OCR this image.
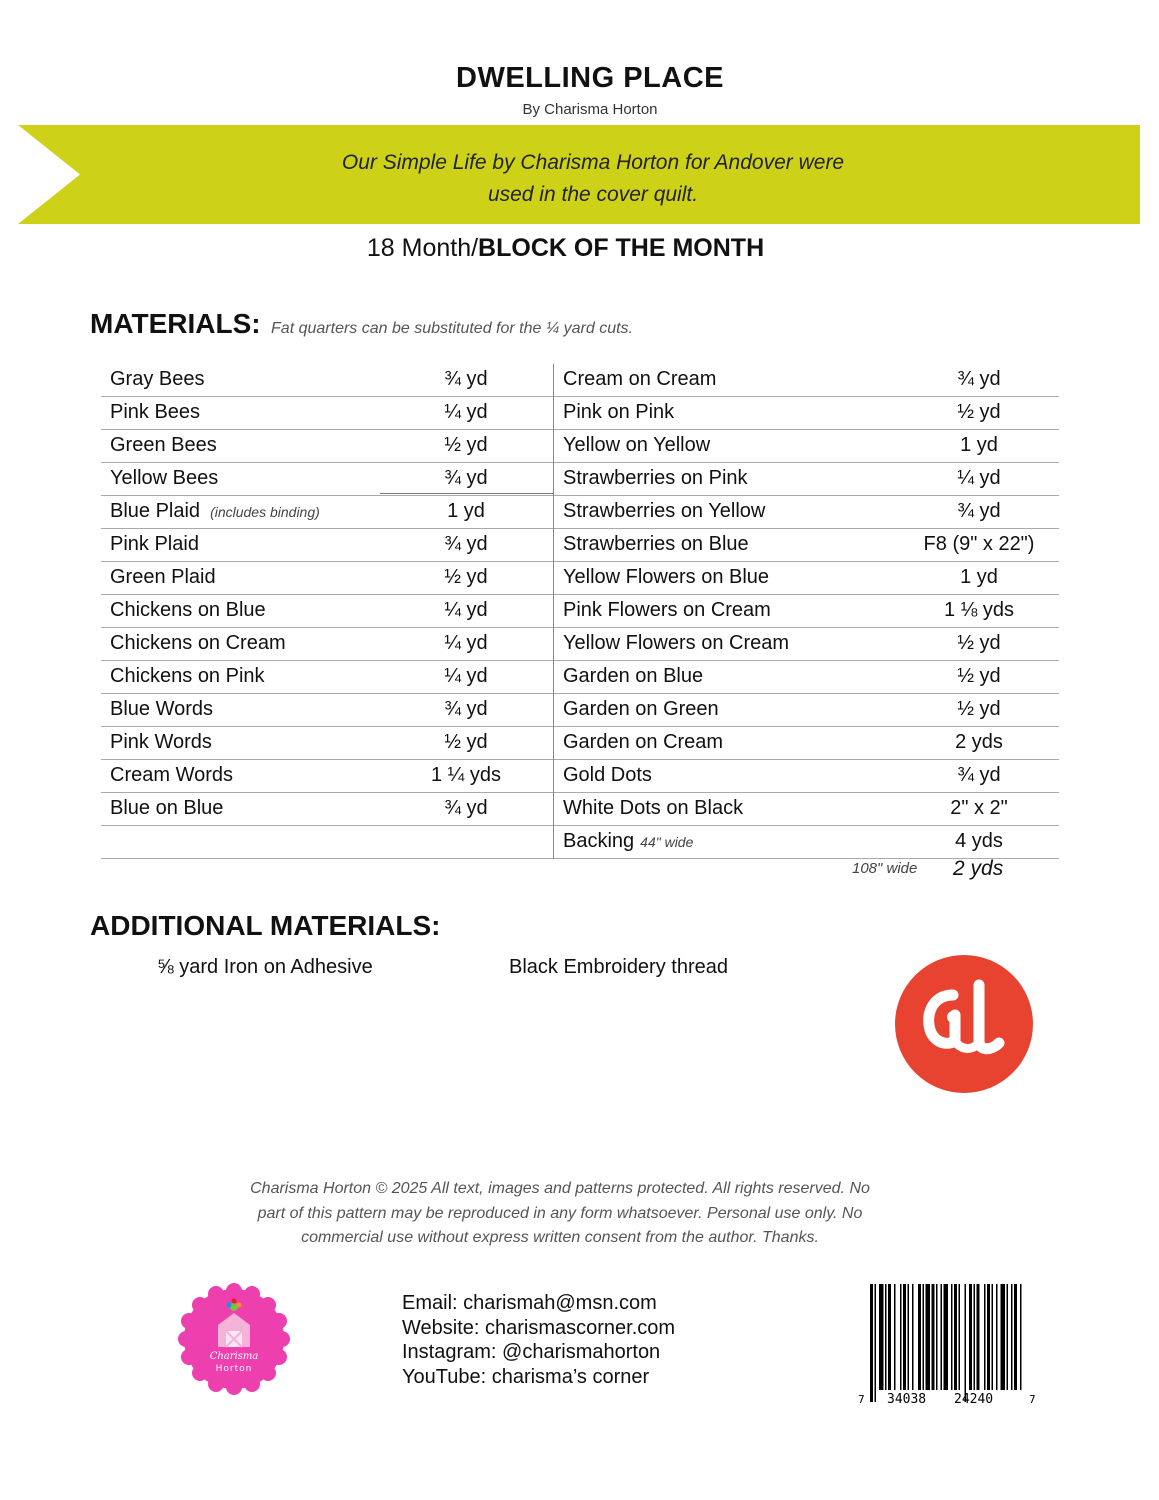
DWELLING PLACE
By Charisma Horton
Our Simple Life by Charisma Horton for Andover were
used in the cover quilt.
18 Month/BLOCK OF THE MONTH
MATERIALS: Fat quarters can be substituted for the ¼ yard cuts.
Gray Bees	¾ yd
Pink Bees	¼ yd
Green Bees	½ yd
Yellow Bees	¾ yd
Blue Plaid (includes binding)	1 yd
Pink Plaid	¾ yd
Green Plaid	½ yd
Chickens on Blue	¼ yd
Chickens on Cream	¼ yd
Chickens on Pink	¼ yd
Blue Words	¾ yd
Pink Words	½ yd
Cream Words	1 ¼ yds
Blue on Blue	¾ yd
Cream on Cream	¾ yd
Pink on Pink	½ yd
Yellow on Yellow	1 yd
Strawberries on Pink	¼ yd
Strawberries on Yellow	¾ yd
Strawberries on Blue	F8 (9" x 22")
Yellow Flowers on Blue	1 yd
Pink Flowers on Cream	1 ⅛ yds
Yellow Flowers on Cream	½ yd
Garden on Blue	½ yd
Garden on Green	½ yd
Garden on Cream	2 yds
Gold Dots	¾ yd
White Dots on Black	2" x 2"
Backing 44" wide	4 yds
108" wide 2 yds
ADDITIONAL MATERIALS:
⅝ yard Iron on Adhesive	Black Embroidery thread
Charisma Horton © 2025 All text, images and patterns protected. All rights reserved. No
part of this pattern may be reproduced in any form whatsoever. Personal use only. No
commercial use without express written consent from the author. Thanks.
Charisma
Horton
Email: charismah@msn.com
Website: charismascorner.com
Instagram: @charismahorton
YouTube: charisma’s corner
7 34038 24240	7
